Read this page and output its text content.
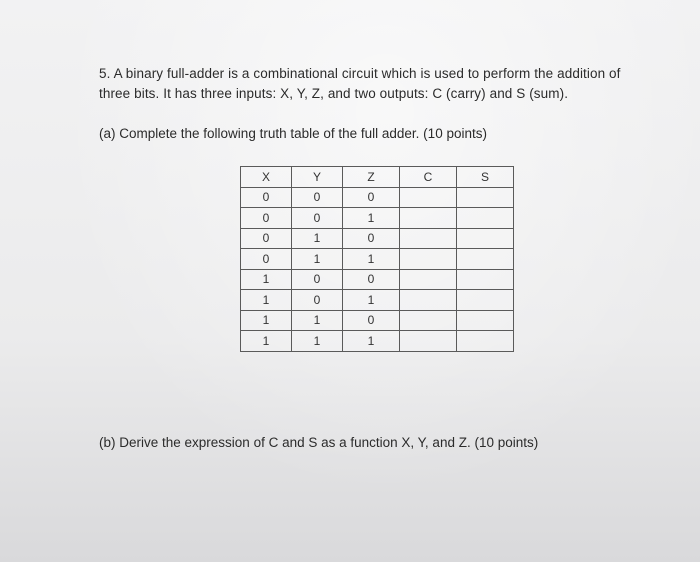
5. A binary full-adder is a combinational circuit which is used to perform the addition of

three bits. It has three inputs: X, Y, Z, and two outputs: C (carry) and S (sum).

(a) Complete the following truth table of the full adder. (10 points)
X	Y	Z	C	S
0	0	0		
0	0	1		
0	1	0		
0	1	1		
1	0	0		
1	0	1		
1	1	0		
1	1	1		
(b) Derive the expression of C and S as a function X, Y, and Z. (10 points)
